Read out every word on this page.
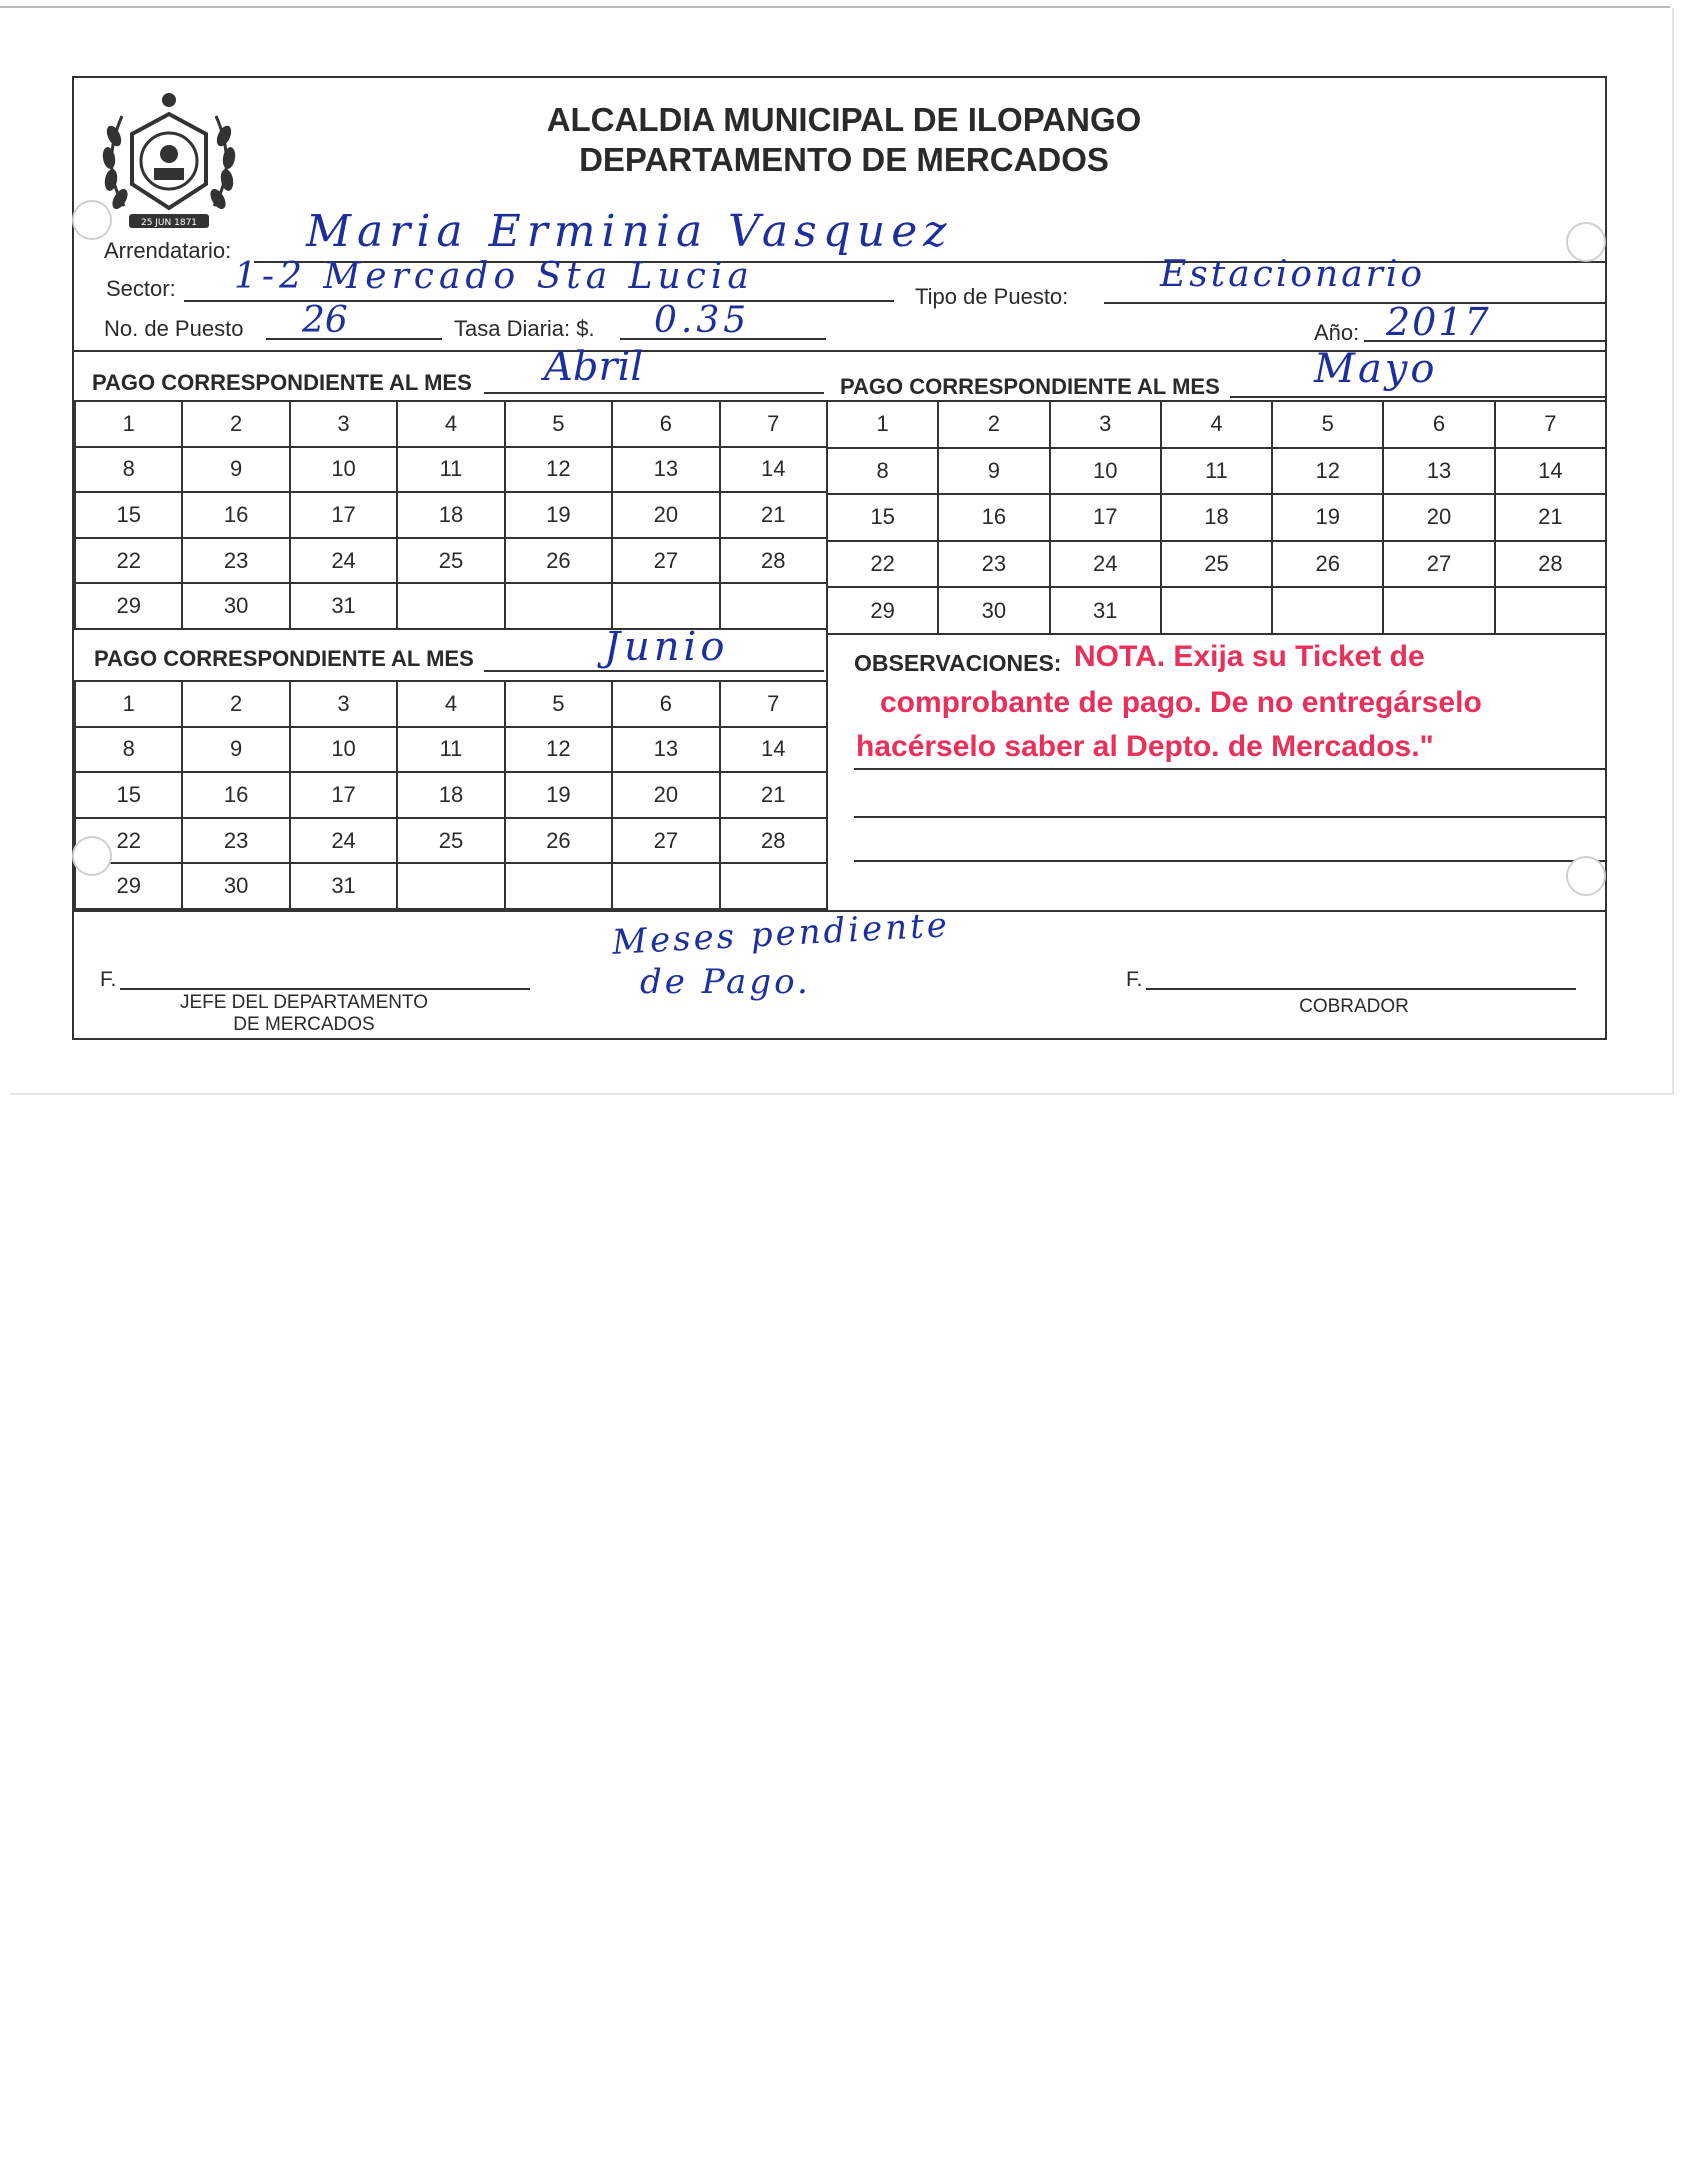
25 JUN 1871
ALCALDIA MUNICIPAL DE ILOPANGO
DEPARTAMENTO DE MERCADOS
Arrendatario: Maria Erminia Vasquez
Sector: 1-2 Mercado Sta Lucia	Tipo de Puesto:
Estacionario
No. de Puesto 26	Tasa Diaria: $. 0.35	Año: 2017
PAGO CORRESPONDIENTE AL MES Abril	PAGO CORRESPONDIENTE AL MES Mayo
1	2	3	4	5	6	7
8	9	10	11	12	13	14
15	16	17	18	19	20	21
22	23	24	25	26	27	28
29	30	31				
1	2	3	4	5	6	7
8	9	10	11	12	13	14
15	16	17	18	19	20	21
22	23	24	25	26	27	28
29	30	31				
PAGO CORRESPONDIENTE AL MES	Junio
1	2	3	4	5	6	7
8	9	10	11	12	13	14
15	16	17	18	19	20	21
22	23	24	25	26	27	28
29	30	31				
OBSERVACIONES: NOTA. Exija su Ticket de
comprobante de pago. De no entregárselo
hacérselo saber al Depto. de Mercados."
F.
JEFE DEL DEPARTAMENTO
DE MERCADOS
Meses pendiente
de Pago.	F.
COBRADOR
